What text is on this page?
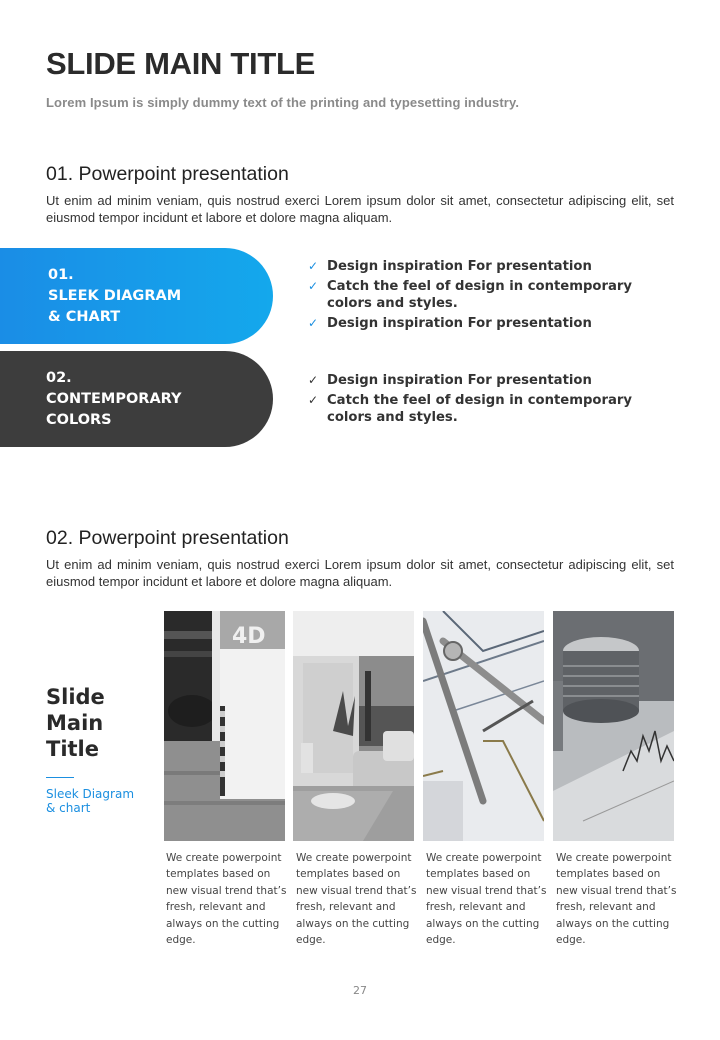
SLIDE MAIN TITLE
Lorem Ipsum is simply dummy text of the printing and typesetting industry.
01. Powerpoint presentation
Ut enim ad minim veniam, quis nostrud exerci Lorem ipsum dolor sit amet, consectetur adipiscing elit, set eiusmod tempor incidunt et labore et dolore magna aliquam.
01.
SLEEK DIAGRAM
& CHART
✓ Design inspiration For presentation
✓ Catch the feel of design in contemporary colors and styles.
✓ Design inspiration For presentation
02.
CONTEMPORARY
COLORS
✓ Design inspiration For presentation
✓ Catch the feel of design in contemporary colors and styles.
02. Powerpoint presentation
Ut enim ad minim veniam, quis nostrud exerci Lorem ipsum dolor sit amet, consectetur adipiscing elit, set eiusmod tempor incidunt et labore et dolore magna aliquam.
Slide
Main
Title
Sleek Diagram
& chart
4D
We create powerpoint templates based on new visual trend that’s fresh, relevant and always on the cutting edge.
We create powerpoint templates based on new visual trend that’s fresh, relevant and always on the cutting edge.
We create powerpoint templates based on new visual trend that’s fresh, relevant and always on the cutting edge.
We create powerpoint templates based on new visual trend that’s fresh, relevant and always on the cutting edge.
27
